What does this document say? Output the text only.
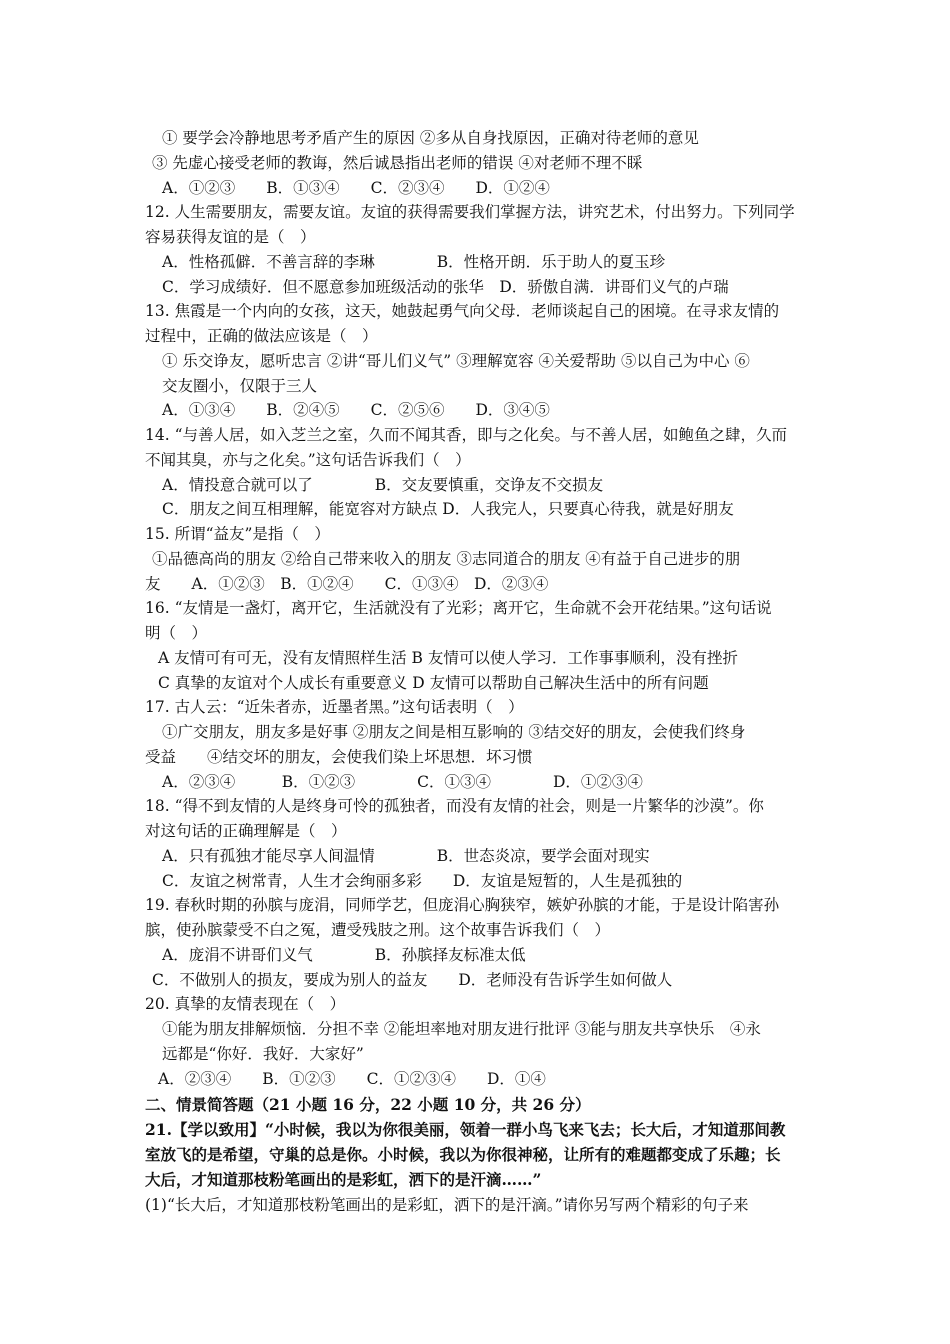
① 要学会冷静地思考矛盾产生的原因 ②多从自身找原因，正确对待老师的意见
③ 先虚心接受老师的教诲，然后诚恳指出老师的错误 ④对老师不理不睬
A．①②③　　B．①③④　　C．②③④　　D．①②④
12. 人生需要朋友，需要友谊。友谊的获得需要我们掌握方法，讲究艺术，付出努力。下列同学
容易获得友谊的是（　）
A．性格孤僻．不善言辞的李琳　　　　B．性格开朗．乐于助人的夏玉珍
C．学习成绩好．但不愿意参加班级活动的张华　D．骄傲自满．讲哥们义气的卢瑞
13. 焦霞是一个内向的女孩，这天，她鼓起勇气向父母．老师谈起自己的困境。在寻求友情的
过程中，正确的做法应该是（　）
① 乐交诤友，愿听忠言 ②讲“哥儿们义气” ③理解宽容 ④关爱帮助 ⑤以自己为中心 ⑥
交友圈小，仅限于三人
A．①③④　　B．②④⑤　　C．②⑤⑥　　D．③④⑤
14. “与善人居，如入芝兰之室，久而不闻其香，即与之化矣。与不善人居，如鲍鱼之肆，久而
不闻其臭，亦与之化矣。”这句话告诉我们（　）
A．情投意合就可以了　　　　B．交友要慎重，交诤友不交损友
C．朋友之间互相理解，能宽容对方缺点 D．人我完人，只要真心待我，就是好朋友
15. 所谓“益友”是指（　）
①品德高尚的朋友 ②给自己带来收入的朋友 ③志同道合的朋友 ④有益于自己进步的朋
友　　A．①②③　B．①②④　　C．①③④　D．②③④
16. “友情是一盏灯，离开它，生活就没有了光彩；离开它，生命就不会开花结果。”这句话说
明（　）
A 友情可有可无，没有友情照样生活 B 友情可以使人学习．工作事事顺利，没有挫折
C 真挚的友谊对个人成长有重要意义 D 友情可以帮助自己解决生活中的所有问题
17. 古人云：“近朱者赤，近墨者黑。”这句话表明（　）
①广交朋友，朋友多是好事 ②朋友之间是相互影响的 ③结交好的朋友，会使我们终身
受益　　④结交坏的朋友，会使我们染上坏思想．坏习惯
A．②③④　　　B．①②③　　　　C．①③④　　　　D．①②③④
18. “得不到友情的人是终身可怜的孤独者，而没有友情的社会，则是一片繁华的沙漠”。你
对这句话的正确理解是（　）
A．只有孤独才能尽享人间温情　　　　B．世态炎凉，要学会面对现实
C．友谊之树常青，人生才会绚丽多彩　　D．友谊是短暂的，人生是孤独的
19. 春秋时期的孙膑与庞涓，同师学艺，但庞涓心胸狭窄，嫉妒孙膑的才能，于是设计陷害孙
膑，使孙膑蒙受不白之冤，遭受残肢之刑。这个故事告诉我们（　）
A．庞涓不讲哥们义气　　　　B．孙膑择友标准太低
C．不做别人的损友，要成为别人的益友　　D．老师没有告诉学生如何做人
20. 真挚的友情表现在（　）
①能为朋友排解烦恼．分担不幸 ②能坦率地对朋友进行批评 ③能与朋友共享快乐　④永
远都是“你好．我好．大家好”
A．②③④　　B．①②③　　C．①②③④　　D．①④
二、情景简答题（21 小题 16 分，22 小题 10 分，共 26 分）
21.【学以致用】“小时候，我以为你很美丽，领着一群小鸟飞来飞去；长大后，才知道那间教
室放飞的是希望，守巢的总是你。小时候，我以为你很神秘，让所有的难题都变成了乐趣；长
大后，才知道那枝粉笔画出的是彩虹，洒下的是汗滴……”
(1)“长大后，才知道那枝粉笔画出的是彩虹，洒下的是汗滴。”请你另写两个精彩的句子来
